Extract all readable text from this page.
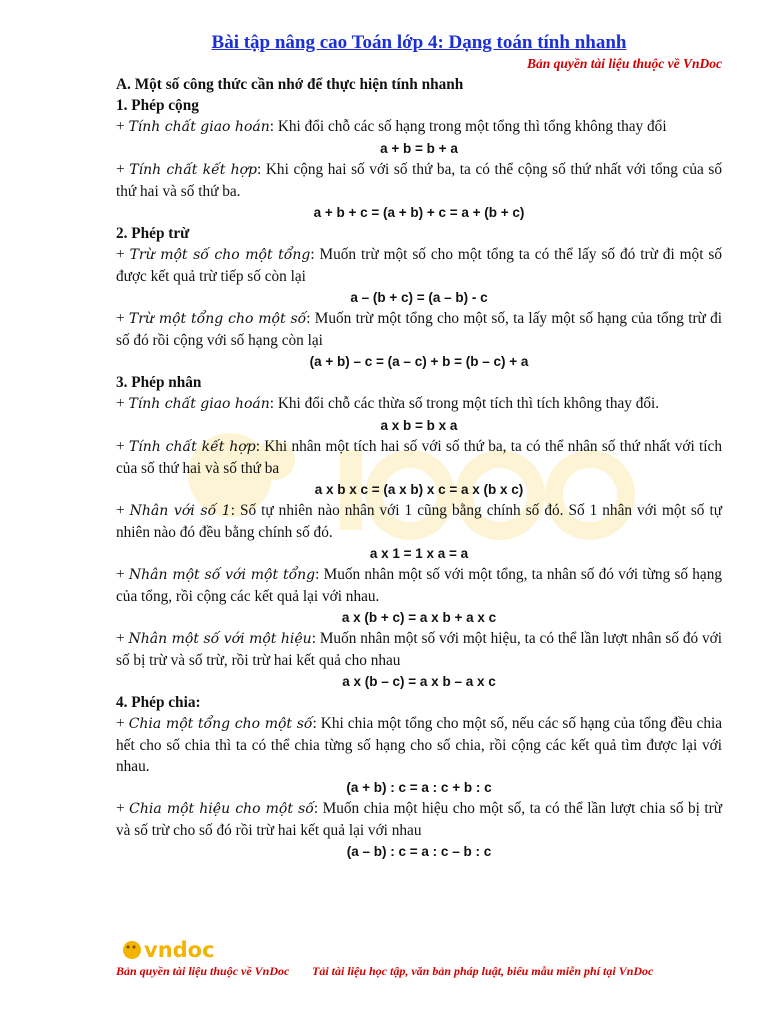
Bài tập nâng cao Toán lớp 4: Dạng toán tính nhanh
Bản quyền tài liệu thuộc về VnDoc
A. Một số công thức cần nhớ để thực hiện tính nhanh
1. Phép cộng
+ Tính chất giao hoán: Khi đổi chỗ các số hạng trong một tổng thì tổng không thay đổi
a + b = b + a
+ Tính chất kết hợp: Khi cộng hai số với số thứ ba, ta có thể cộng số thứ nhất với tổng của số thứ hai và số thứ ba.
a + b + c = (a + b) + c = a + (b + c)
2. Phép trừ
+ Trừ một số cho một tổng: Muốn trừ một số cho một tổng ta có thể lấy số đó trừ đi một số được kết quả trừ tiếp số còn lại
a – (b + c) = (a – b) - c
+ Trừ một tổng cho một số: Muốn trừ một tổng cho một số, ta lấy một số hạng của tổng trừ đi số đó rồi cộng với số hạng còn lại
(a + b) – c = (a – c) + b = (b – c) + a
3. Phép nhân
+ Tính chất giao hoán: Khi đổi chỗ các thừa số trong một tích thì tích không thay đổi.
a x b = b x a
+ Tính chất kết hợp: Khi nhân một tích hai số với số thứ ba, ta có thể nhân số thứ nhất với tích của số thứ hai và số thứ ba
a x b x c = (a x b) x c = a x (b x c)
+ Nhân với số 1: Số tự nhiên nào nhân với 1 cũng bằng chính số đó. Số 1 nhân với một số tự nhiên nào đó đều bằng chính số đó.
a x 1 = 1 x a = a
+ Nhân một số với một tổng: Muốn nhân một số với một tổng, ta nhân số đó với từng số hạng của tổng, rồi cộng các kết quả lại với nhau.
a x (b + c) = a x b + a x c
+ Nhân một số với một hiệu: Muốn nhân một số với một hiệu, ta có thể lần lượt nhân số đó với số bị trừ và số trừ, rồi trừ hai kết quả cho nhau
a x (b – c) = a x b – a x c
4. Phép chia:
+ Chia một tổng cho một số: Khi chia một tổng cho một số, nếu các số hạng của tổng đều chia hết cho số chia thì ta có thể chia từng số hạng cho số chia, rồi cộng các kết quả tìm được lại với nhau.
(a + b) : c = a : c + b : c
+ Chia một hiệu cho một số: Muốn chia một hiệu cho một số, ta có thể lần lượt chia số bị trừ và số trừ cho số đó rồi trừ hai kết quả lại với nhau
(a – b) : c = a : c – b : c
vndoc
Bản quyền tài liệu thuộc về VnDoc Tải tài liệu học tập, văn bản pháp luật, biểu mẫu miễn phí tại VnDoc
